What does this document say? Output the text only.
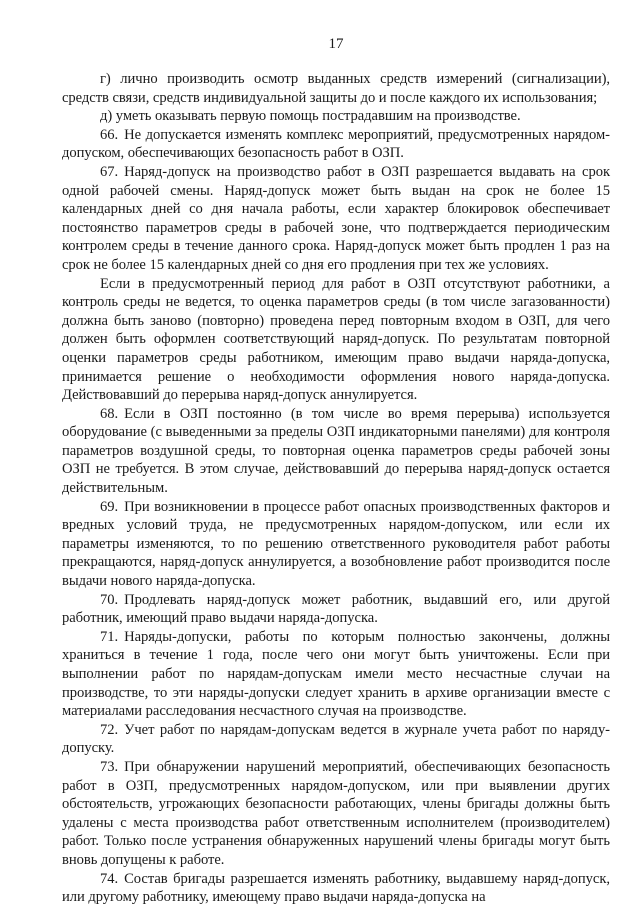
17

г) лично производить осмотр выданных средств измерений (сигнализации), средств связи, средств индивидуальной защиты до и после каждого их использования;

д) уметь оказывать первую помощь пострадавшим на производстве.

66. Не допускается изменять комплекс мероприятий, предусмотренных нарядом-допуском, обеспечивающих безопасность работ в ОЗП.

67. Наряд-допуск на производство работ в ОЗП разрешается выдавать на срок одной рабочей смены. Наряд-допуск может быть выдан на срок не более 15 календарных дней со дня начала работы, если характер блокировок обеспечивает постоянство параметров среды в рабочей зоне, что подтверждается периодическим контролем среды в течение данного срока. Наряд-допуск может быть продлен 1 раз на срок не более 15 календарных дней со дня его продления при тех же условиях.

Если в предусмотренный период для работ в ОЗП отсутствуют работники, а контроль среды не ведется, то оценка параметров среды (в том числе загазованности) должна быть заново (повторно) проведена перед повторным входом в ОЗП, для чего должен быть оформлен соответствующий наряд-допуск. По результатам повторной оценки параметров среды работником, имеющим право выдачи наряда-допуска, принимается решение о необходимости оформления нового наряда-допуска. Действовавший до перерыва наряд-допуск аннулируется.

68. Если в ОЗП постоянно (в том числе во время перерыва) используется оборудование (с выведенными за пределы ОЗП индикаторными панелями) для контроля параметров воздушной среды, то повторная оценка параметров среды рабочей зоны ОЗП не требуется. В этом случае, действовавший до перерыва наряд-допуск остается действительным.

69. При возникновении в процессе работ опасных производственных факторов и вредных условий труда, не предусмотренных нарядом-допуском, или если их параметры изменяются, то по решению ответственного руководителя работ работы прекращаются, наряд-допуск аннулируется, а возобновление работ производится после выдачи нового наряда-допуска.

70. Продлевать наряд-допуск может работник, выдавший его, или другой работник, имеющий право выдачи наряда-допуска.

71. Наряды-допуски, работы по которым полностью закончены, должны храниться в течение 1 года, после чего они могут быть уничтожены. Если при выполнении работ по нарядам-допускам имели место несчастные случаи на производстве, то эти наряды-допуски следует хранить в архиве организации вместе с материалами расследования несчастного случая на производстве.

72. Учет работ по нарядам-допускам ведется в журнале учета работ по наряду-допуску.

73. При обнаружении нарушений мероприятий, обеспечивающих безопасность работ в ОЗП, предусмотренных нарядом-допуском, или при выявлении других обстоятельств, угрожающих безопасности работающих, члены бригады должны быть удалены с места производства работ ответственным исполнителем (производителем) работ. Только после устранения обнаруженных нарушений члены бригады могут быть вновь допущены к работе.

74. Состав бригады разрешается изменять работнику, выдавшему наряд-допуск, или другому работнику, имеющему право выдачи наряда-допуска на
